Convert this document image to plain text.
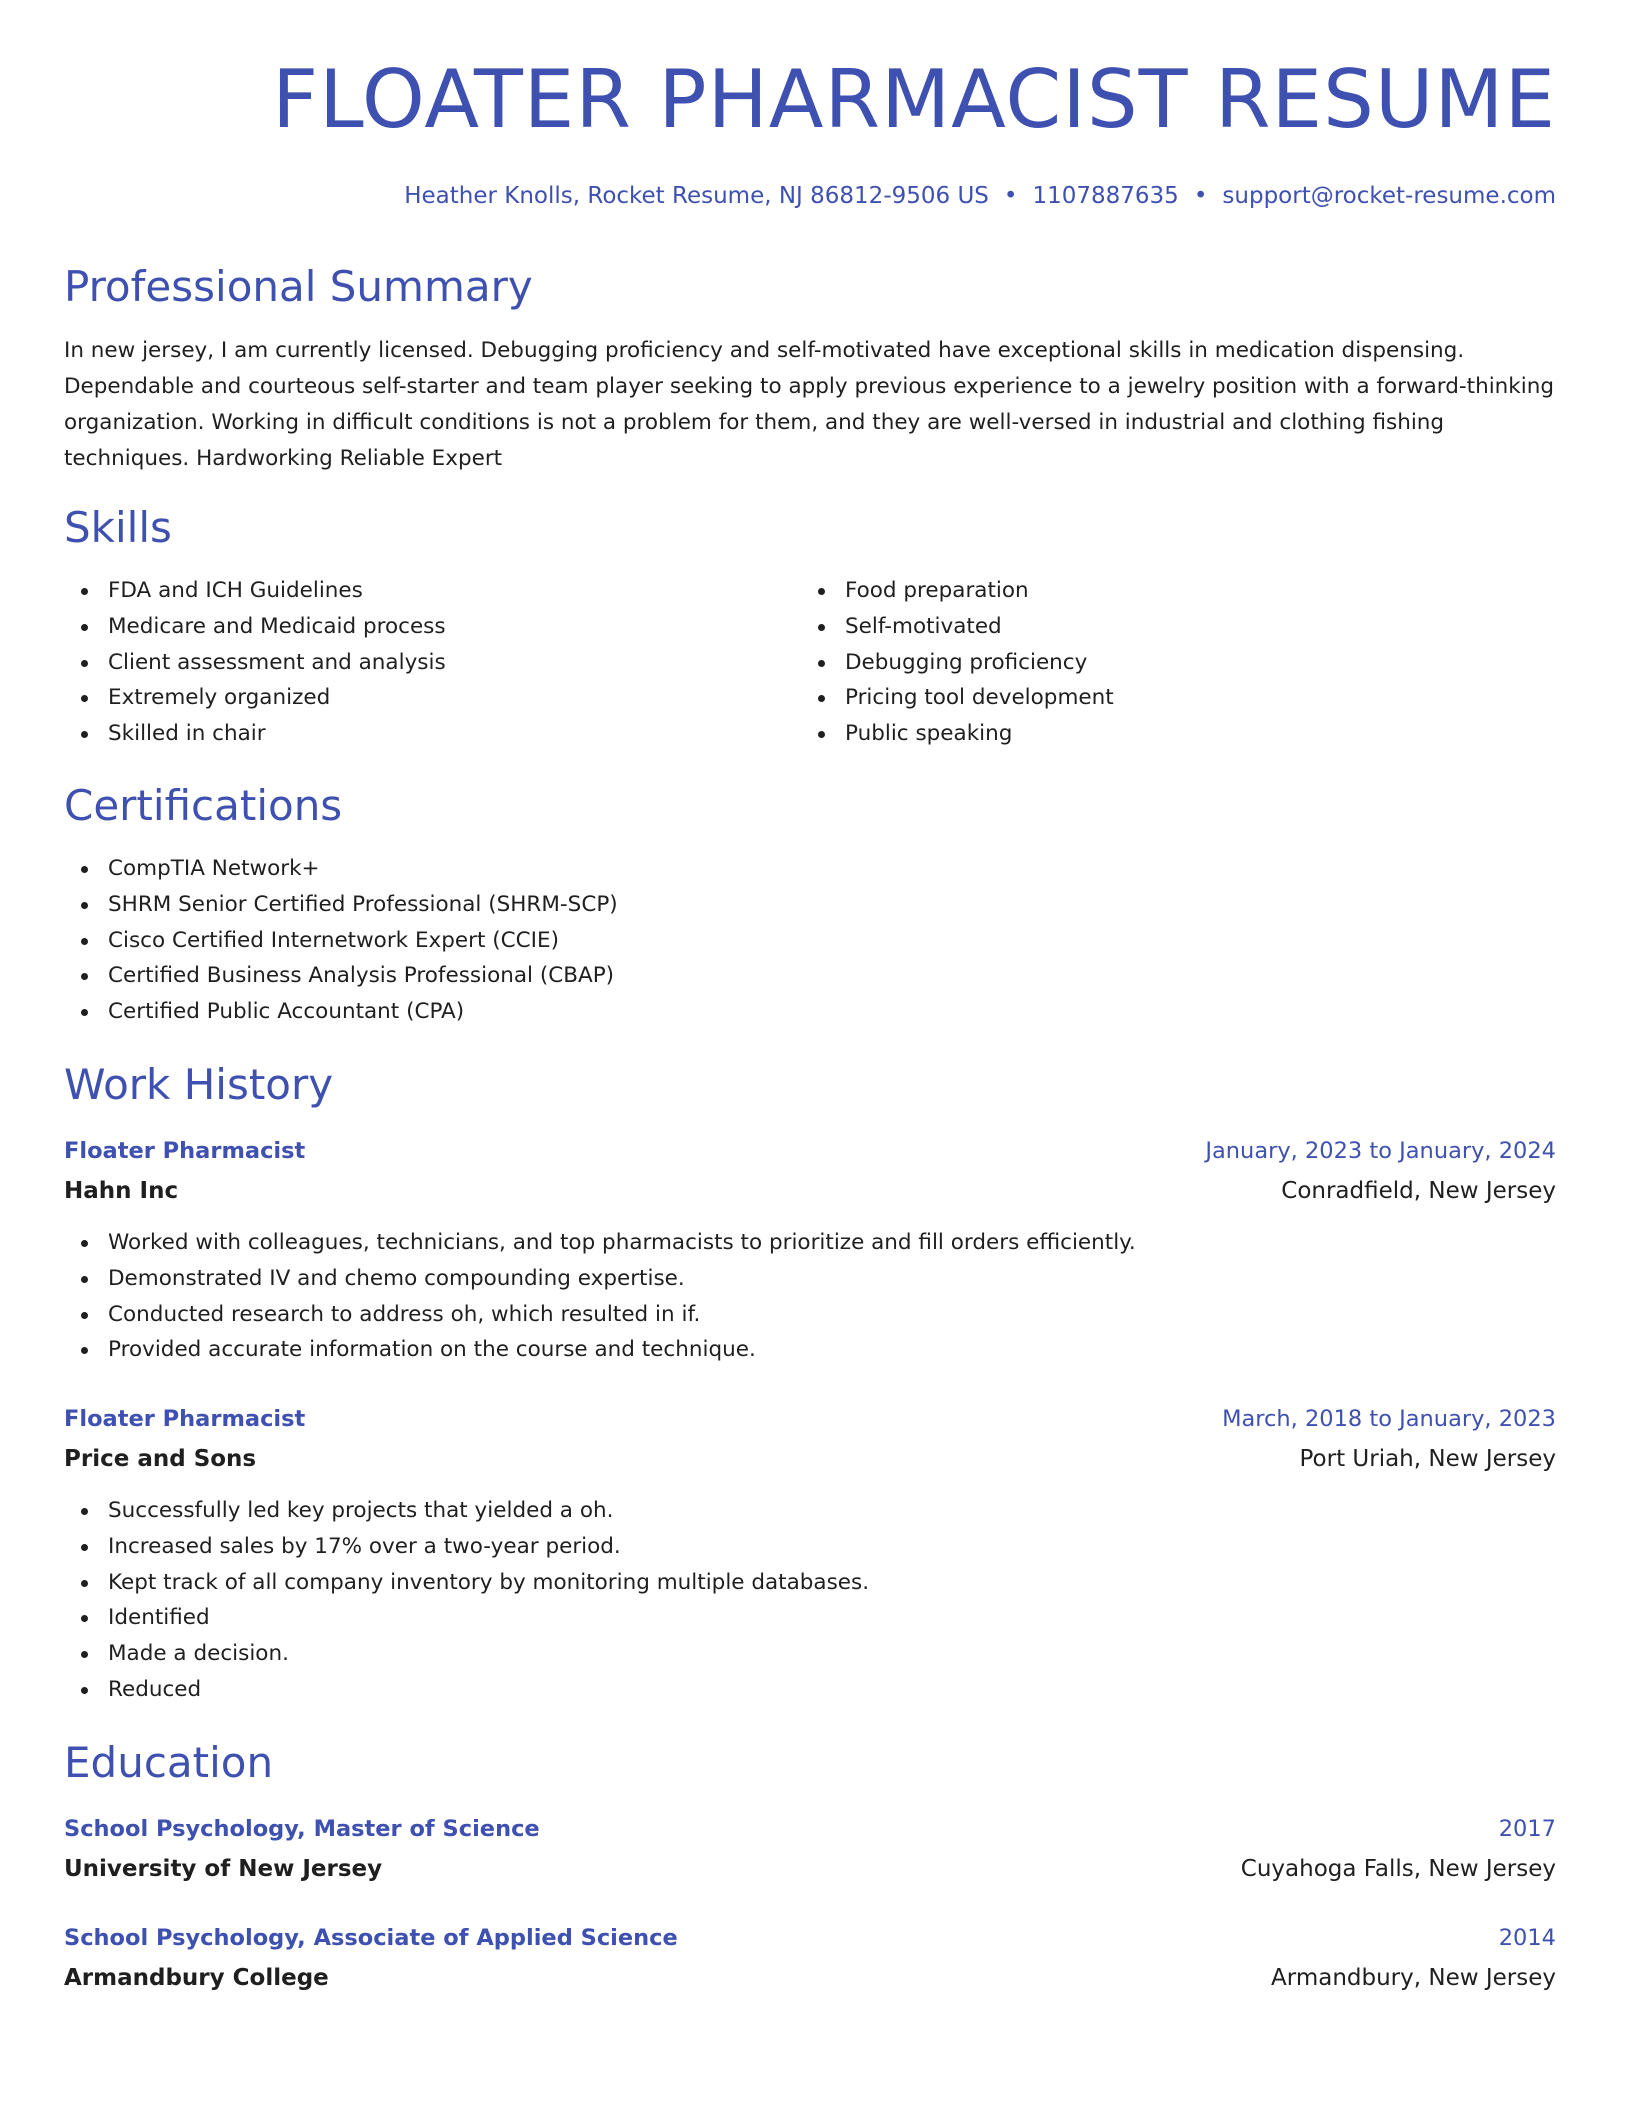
FLOATER PHARMACIST RESUME
Heather Knolls, Rocket Resume, NJ 86812-9506 US • 1107887635 • support@rocket-resume.com
Professional Summary
In new jersey, I am currently licensed. Debugging proficiency and self-motivated have exceptional skills in medication dispensing. Dependable and courteous self-starter and team player seeking to apply previous experience to a jewelry position with a forward-thinking organization. Working in difficult conditions is not a problem for them, and they are well-versed in industrial and clothing fishing techniques. Hardworking Reliable Expert
Skills
FDA and ICH Guidelines
Medicare and Medicaid process
Client assessment and analysis
Extremely organized
Skilled in chair
Food preparation
Self-motivated
Debugging proficiency
Pricing tool development
Public speaking
Certifications
CompTIA Network+
SHRM Senior Certified Professional (SHRM-SCP)
Cisco Certified Internetwork Expert (CCIE)
Certified Business Analysis Professional (CBAP)
Certified Public Accountant (CPA)
Work History
Floater Pharmacist	January, 2023 to January, 2024
Hahn Inc	Conradfield, New Jersey
Worked with colleagues, technicians, and top pharmacists to prioritize and fill orders efficiently.
Demonstrated IV and chemo compounding expertise.
Conducted research to address oh, which resulted in if.
Provided accurate information on the course and technique.
Floater Pharmacist	March, 2018 to January, 2023
Price and Sons	Port Uriah, New Jersey
Successfully led key projects that yielded a oh.
Increased sales by 17% over a two-year period.
Kept track of all company inventory by monitoring multiple databases.
Identified
Made a decision.
Reduced
Education
School Psychology, Master of Science	2017
University of New Jersey	Cuyahoga Falls, New Jersey
School Psychology, Associate of Applied Science	2014
Armandbury College	Armandbury, New Jersey
